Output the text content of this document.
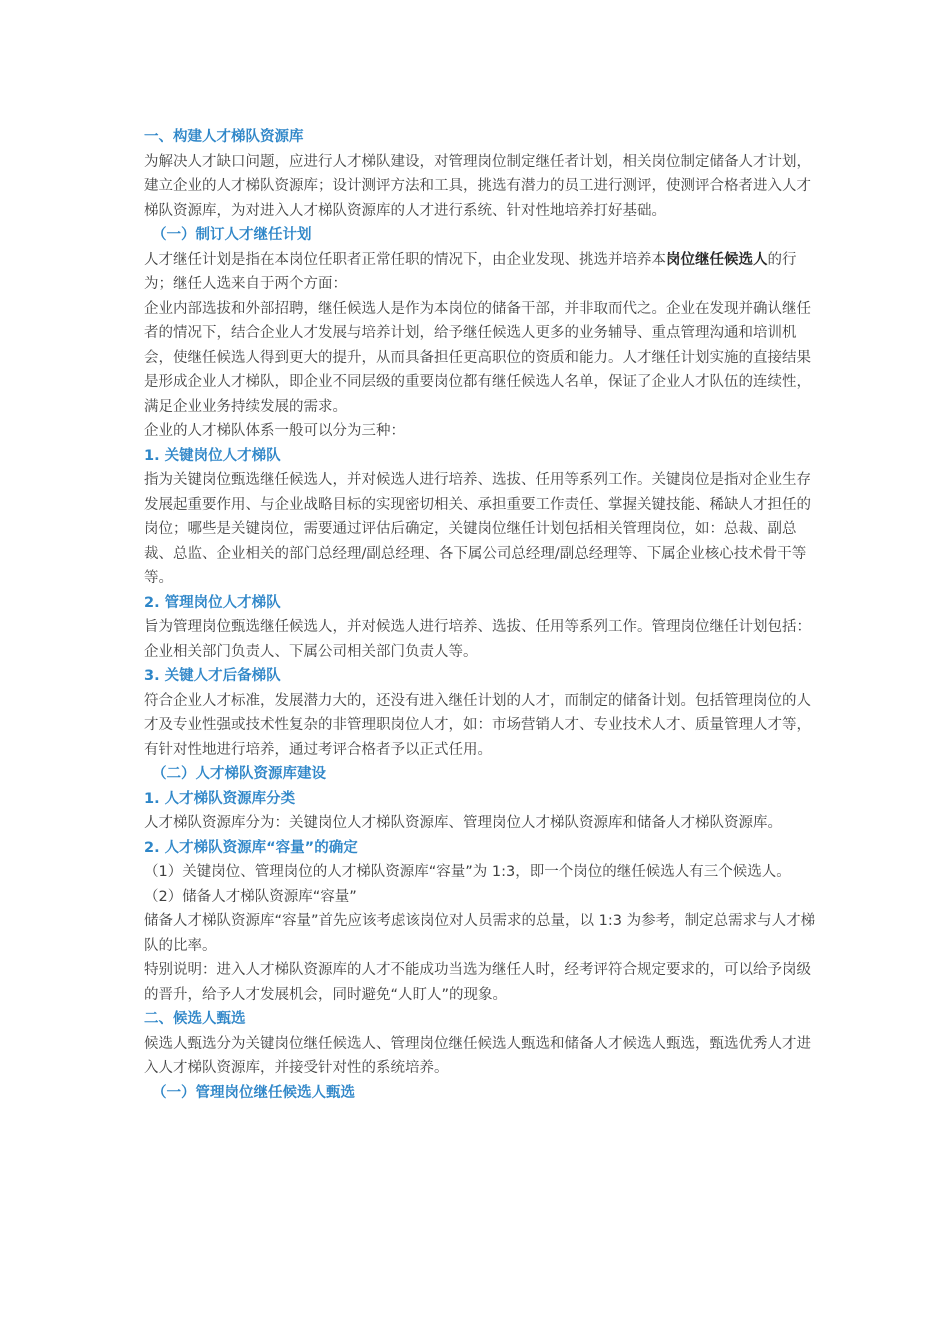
一、构建人才梯队资源库

为解决人才缺口问题，应进行人才梯队建设，对管理岗位制定继任者计划，相关岗位制定储备人才计划，建立企业的人才梯队资源库；设计测评方法和工具，挑选有潜力的员工进行测评，使测评合格者进入人才梯队资源库，为对进入人才梯队资源库的人才进行系统、针对性地培养打好基础。

（一）制订人才继任计划

人才继任计划是指在本岗位任职者正常任职的情况下，由企业发现、挑选并培养本岗位继任候选人的行为；继任人选来自于两个方面：

企业内部选拔和外部招聘，继任候选人是作为本岗位的储备干部，并非取而代之。企业在发现并确认继任者的情况下，结合企业人才发展与培养计划，给予继任候选人更多的业务辅导、重点管理沟通和培训机会，使继任候选人得到更大的提升，从而具备担任更高职位的资质和能力。人才继任计划实施的直接结果是形成企业人才梯队，即企业不同层级的重要岗位都有继任候选人名单，保证了企业人才队伍的连续性，满足企业业务持续发展的需求。

企业的人才梯队体系一般可以分为三种：

1. 关键岗位人才梯队

指为关键岗位甄选继任候选人，并对候选人进行培养、选拔、任用等系列工作。关键岗位是指对企业生存发展起重要作用、与企业战略目标的实现密切相关、承担重要工作责任、掌握关键技能、稀缺人才担任的岗位；哪些是关键岗位，需要通过评估后确定，关键岗位继任计划包括相关管理岗位，如：总裁、副总裁、总监、企业相关的部门总经理/副总经理、各下属公司总经理/副总经理等、下属企业核心技术骨干等等。

2. 管理岗位人才梯队

旨为管理岗位甄选继任候选人，并对候选人进行培养、选拔、任用等系列工作。管理岗位继任计划包括：企业相关部门负责人、下属公司相关部门负责人等。

3. 关键人才后备梯队

符合企业人才标准，发展潜力大的，还没有进入继任计划的人才，而制定的储备计划。包括管理岗位的人才及专业性强或技术性复杂的非管理职岗位人才，如：市场营销人才、专业技术人才、质量管理人才等，有针对性地进行培养，通过考评合格者予以正式任用。

（二）人才梯队资源库建设
1. 人才梯队资源库分类

人才梯队资源库分为：关键岗位人才梯队资源库、管理岗位人才梯队资源库和储备人才梯队资源库。

2. 人才梯队资源库“容量”的确定

（1）关键岗位、管理岗位的人才梯队资源库“容量”为 1:3，即一个岗位的继任候选人有三个候选人。

（2）储备人才梯队资源库“容量”

储备人才梯队资源库“容量”首先应该考虑该岗位对人员需求的总量，以 1:3 为参考，制定总需求与人才梯队的比率。

特别说明：进入人才梯队资源库的人才不能成功当选为继任人时，经考评符合规定要求的，可以给予岗级的晋升，给予人才发展机会，同时避免“人盯人”的现象。

二、候选人甄选

候选人甄选分为关键岗位继任候选人、管理岗位继任候选人甄选和储备人才候选人甄选，甄选优秀人才进入人才梯队资源库，并接受针对性的系统培养。

（一）管理岗位继任候选人甄选
